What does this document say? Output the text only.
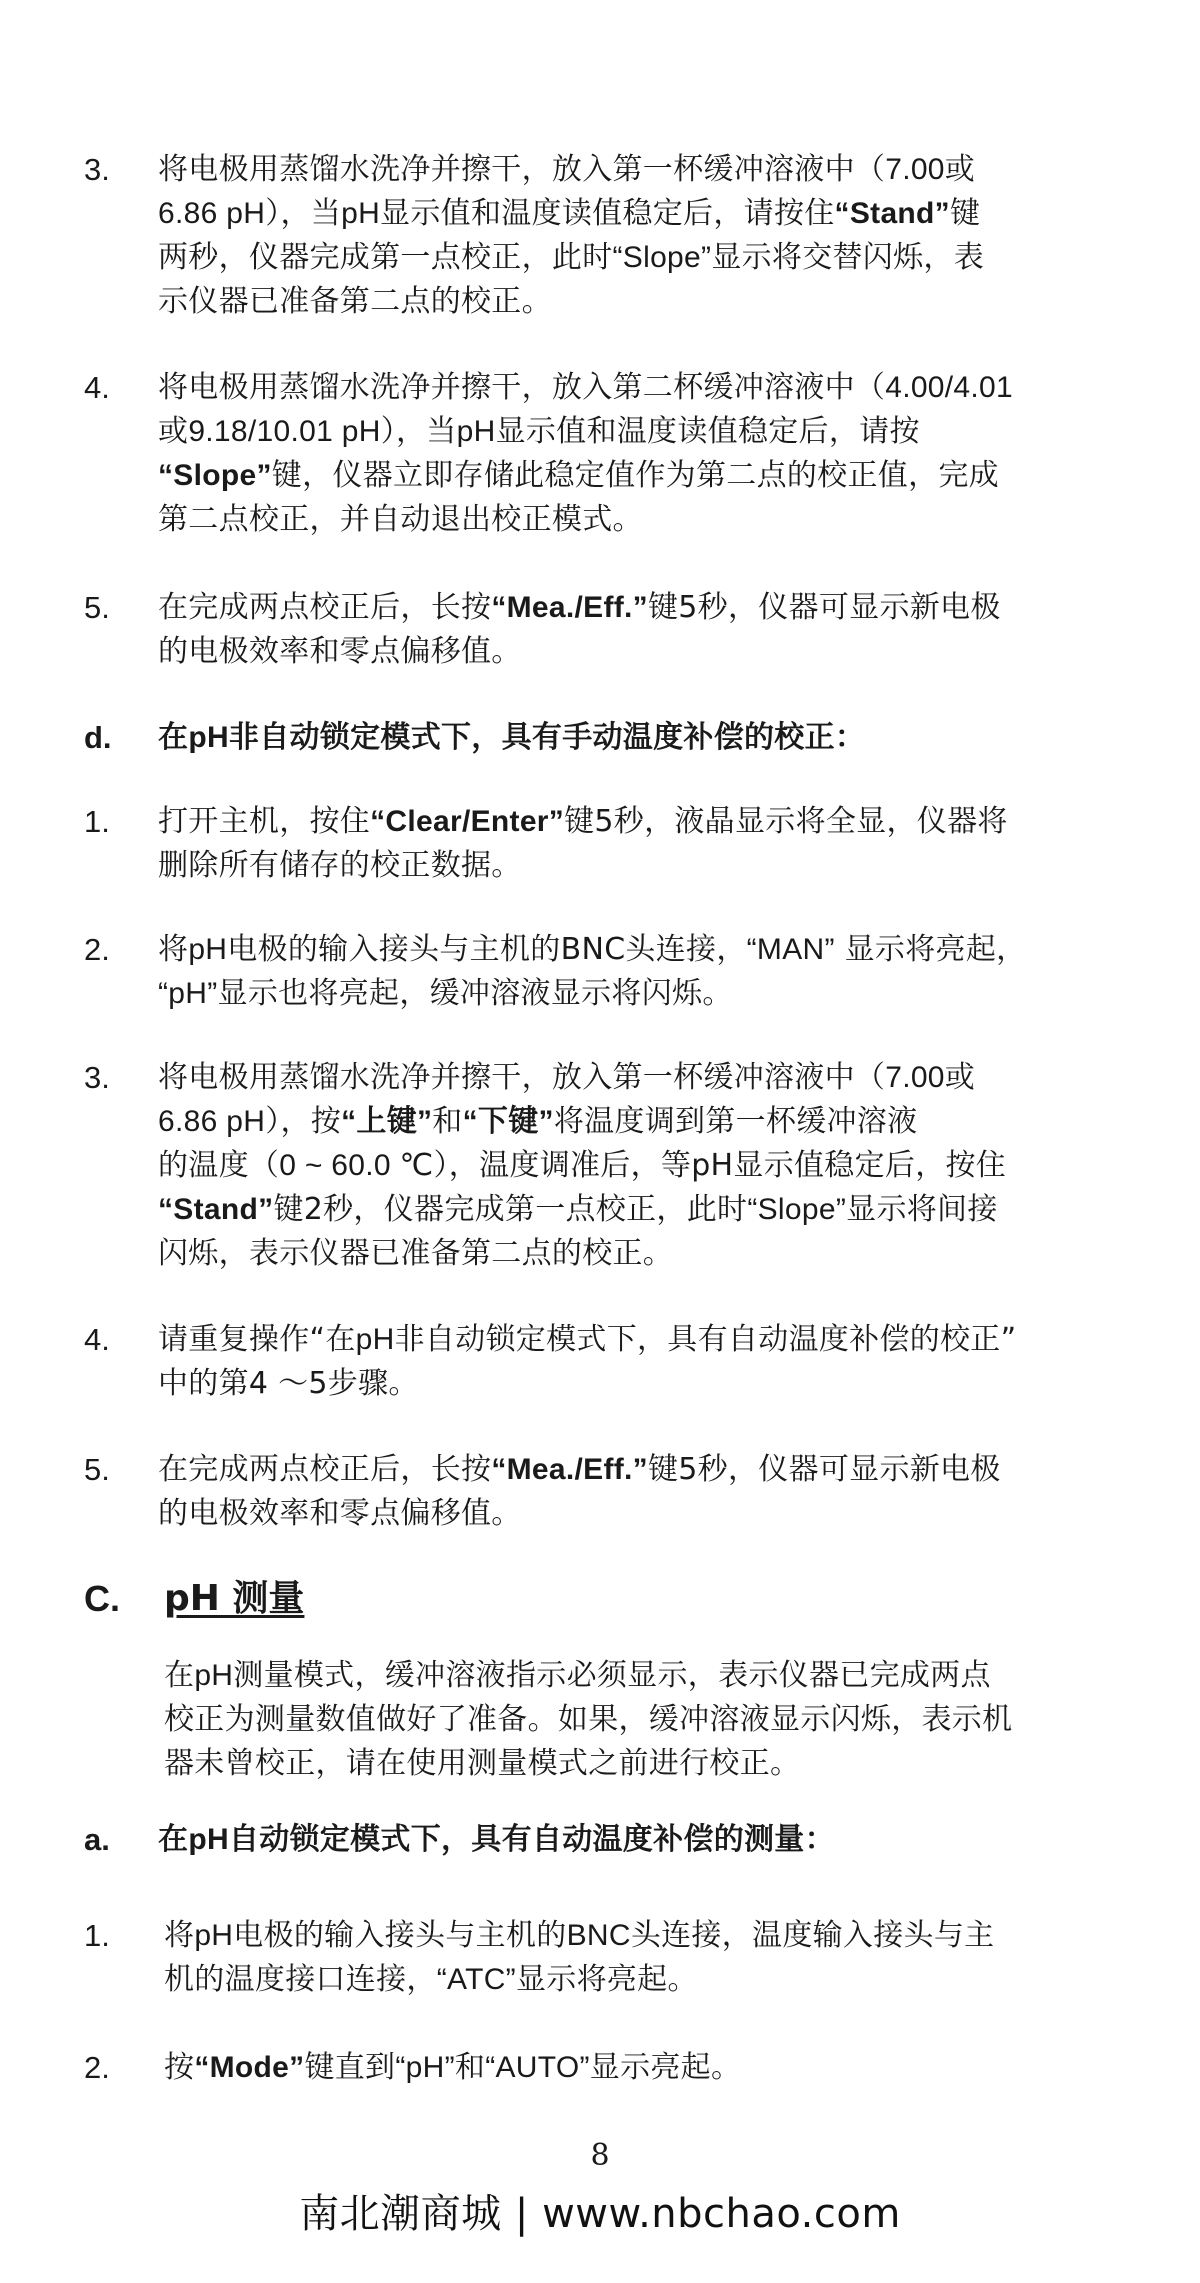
3. 将电极用蒸馏水洗净并擦干，放入第一杯缓冲溶液中（7.00或
6.86 pH），当pH显示值和温度读值稳定后，请按住“Stand”键
两秒，仪器完成第一点校正，此时“Slope”显示将交替闪烁，表
示仪器已准备第二点的校正。
4. 将电极用蒸馏水洗净并擦干，放入第二杯缓冲溶液中（4.00/4.01
或9.18/10.01 pH），当pH显示值和温度读值稳定后，请按
“Slope”键，仪器立即存储此稳定值作为第二点的校正值，完成
第二点校正，并自动退出校正模式。
5. 在完成两点校正后，长按“Mea./Eff.”键5秒，仪器可显示新电极
的电极效率和零点偏移值。
d. 在pH非自动锁定模式下，具有手动温度补偿的校正：
1. 打开主机，按住“Clear/Enter”键5秒，液晶显示将全显，仪器将
删除所有储存的校正数据。
2. 将pH电极的输入接头与主机的BNC头连接，“MAN” 显示将亮起，
“pH”显示也将亮起，缓冲溶液显示将闪烁。
3. 将电极用蒸馏水洗净并擦干，放入第一杯缓冲溶液中（7.00或
6.86 pH），按“上键”和“下键”将温度调到第一杯缓冲溶液
的温度（0 ~ 60.0 ℃），温度调准后，等pH显示值稳定后，按住
“Stand”键2秒，仪器完成第一点校正，此时“Slope”显示将间接
闪烁，表示仪器已准备第二点的校正。
4. 请重复操作“在pH非自动锁定模式下，具有自动温度补偿的校正”
中的第4 ～5步骤。
5. 在完成两点校正后，长按“Mea./Eff.”键5秒，仪器可显示新电极
的电极效率和零点偏移值。
C. pH 测量
在pH测量模式，缓冲溶液指示必须显示，表示仪器已完成两点
校正为测量数值做好了准备。如果，缓冲溶液显示闪烁，表示机
器未曾校正，请在使用测量模式之前进行校正。
a. 在pH自动锁定模式下，具有自动温度补偿的测量：
1. 将pH电极的输入接头与主机的BNC头连接，温度输入接头与主
机的温度接口连接，“ATC”显示将亮起。
2. 按“Mode”键直到“pH”和“AUTO”显示亮起。
8
南北潮商城 | www.nbchao.com
